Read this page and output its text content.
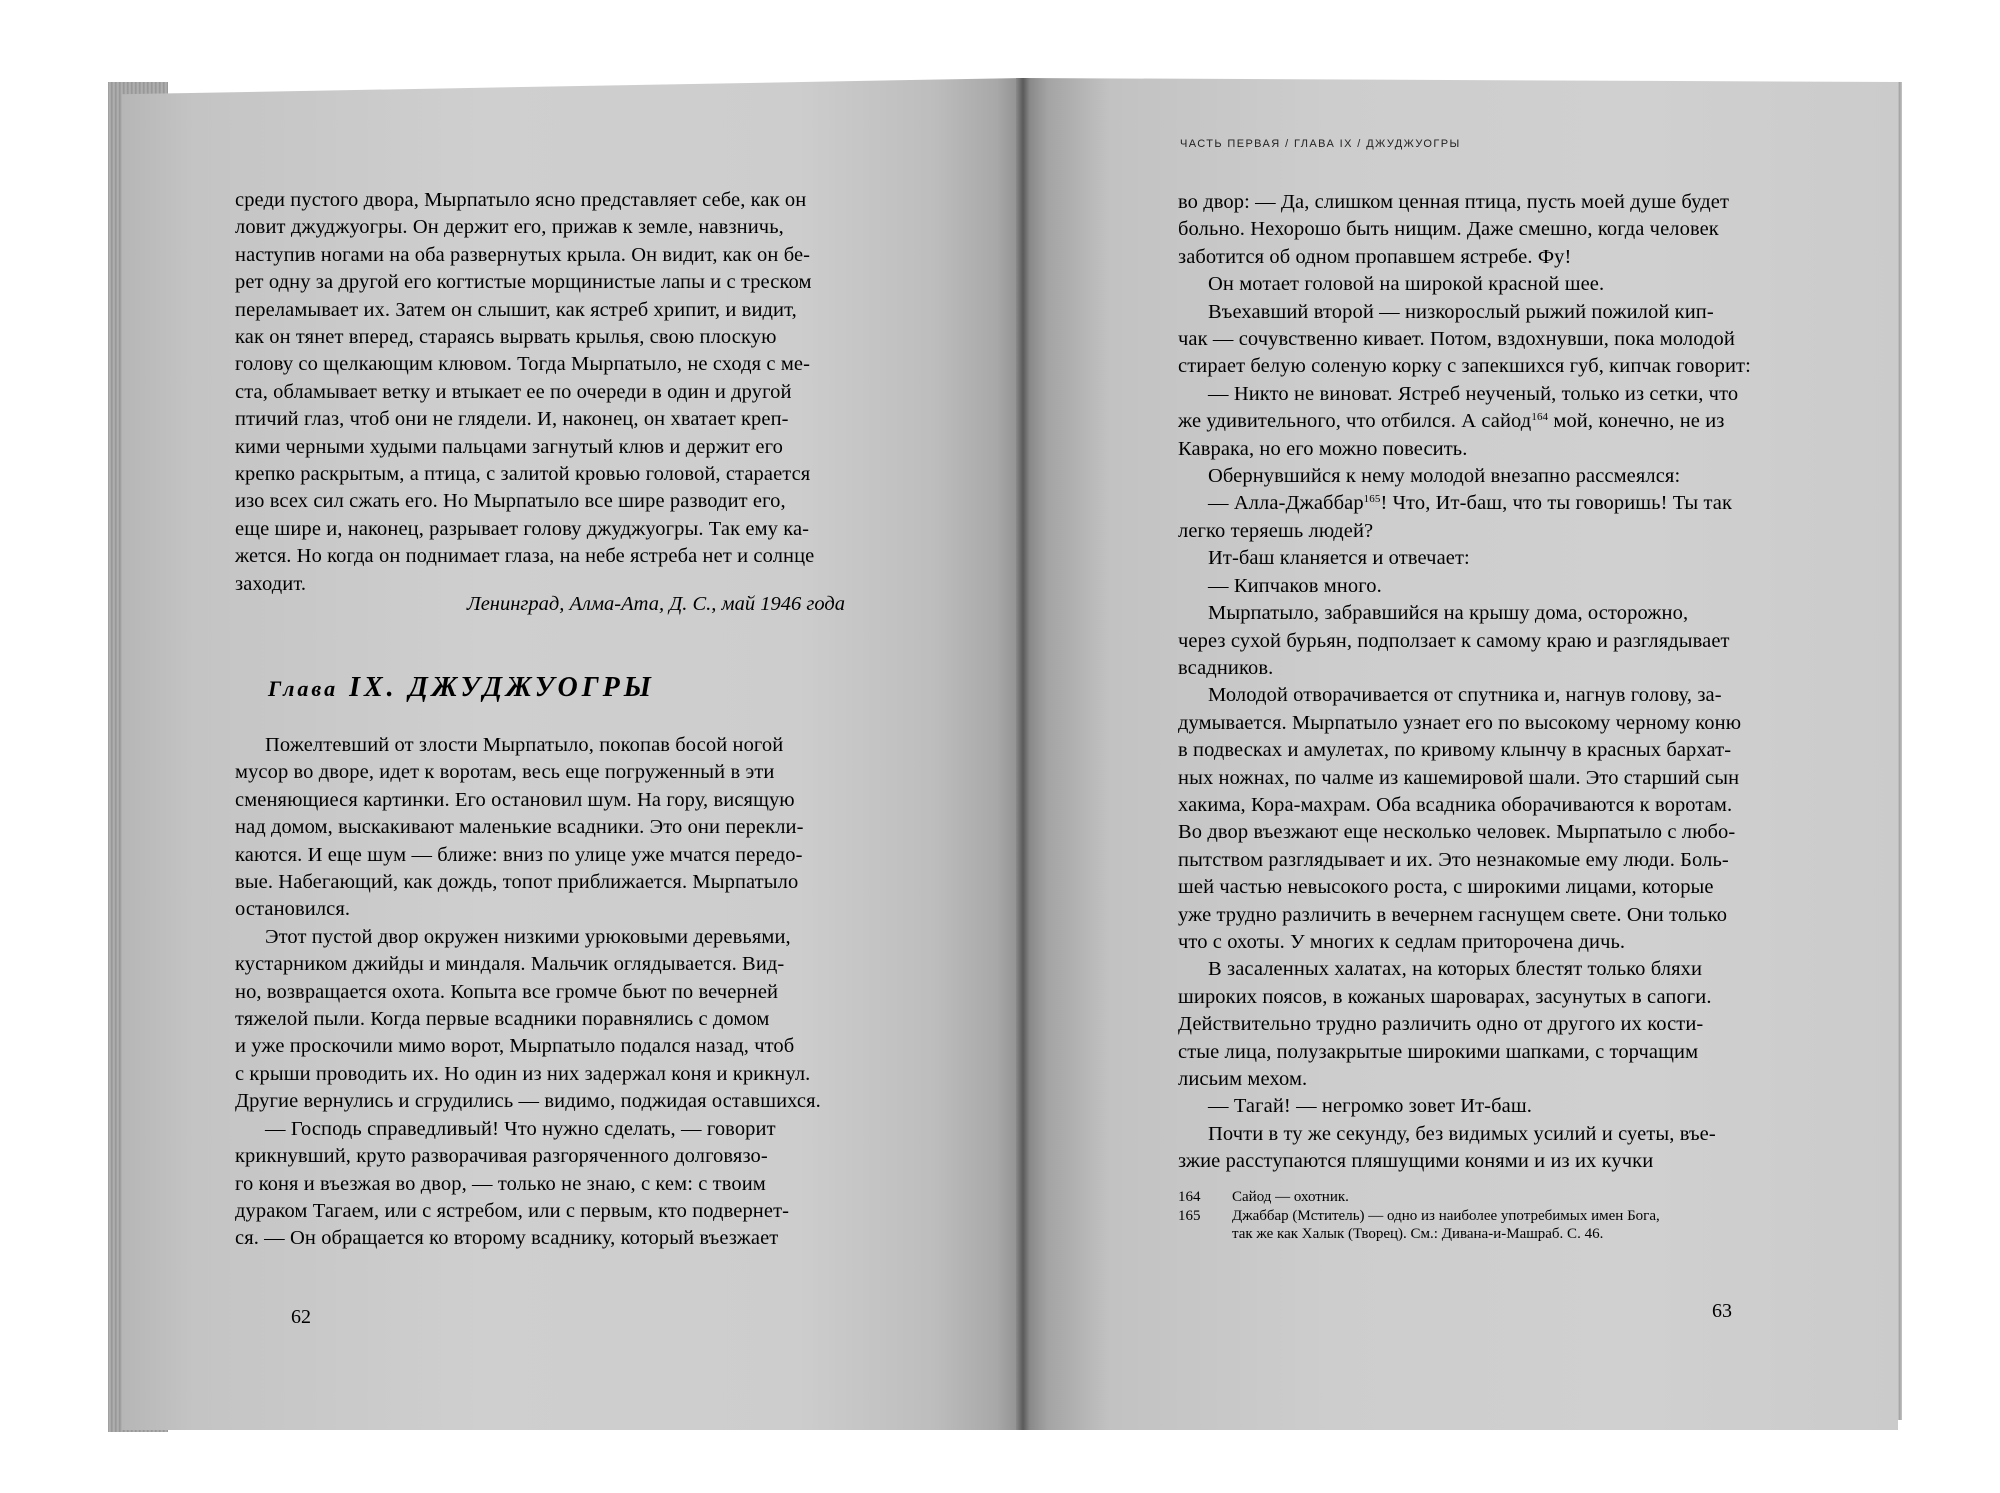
среди пустого двора, Мырпатыло ясно представляет себе, как он
ловит джуджуогры. Он держит его, прижав к земле, навзничь,
наступив ногами на оба развернутых крыла. Он видит, как он бе-
рет одну за другой его когтистые морщинистые лапы и с треском
переламывает их. Затем он слышит, как ястреб хрипит, и видит,
как он тянет вперед, стараясь вырвать крылья, свою плоскую
голову со щелкающим клювом. Тогда Мырпатыло, не сходя с ме-
ста, обламывает ветку и втыкает ее по очереди в один и другой
птичий глаз, чтоб они не глядели. И, наконец, он хватает креп-
кими черными худыми пальцами загнутый клюв и держит его
крепко раскрытым, а птица, с залитой кровью головой, старается
изо всех сил сжать его. Но Мырпатыло все шире разводит его,
еще шире и, наконец, разрывает голову джуджуогры. Так ему ка-
жется. Но когда он поднимает глаза, на небе ястреба нет и солнце
заходит.
Ленинград, Алма-Ата, Д. С., май 1946 года
Глава IX. ДЖУДЖУОГРЫ
Пожелтевший от злости Мырпатыло, покопав босой ногой
мусор во дворе, идет к воротам, весь еще погруженный в эти
сменяющиеся картинки. Его остановил шум. На гору, висящую
над домом, выскакивают маленькие всадники. Это они перекли-
каются. И еще шум — ближе: вниз по улице уже мчатся передо-
вые. Набегающий, как дождь, топот приближается. Мырпатыло
остановился.
Этот пустой двор окружен низкими урюковыми деревьями,
кустарником джийды и миндаля. Мальчик оглядывается. Вид-
но, возвращается охота. Копыта все громче бьют по вечерней
тяжелой пыли. Когда первые всадники поравнялись с домом
и уже проскочили мимо ворот, Мырпатыло подался назад, чтоб
с крыши проводить их. Но один из них задержал коня и крикнул.
Другие вернулись и сгрудились — видимо, поджидая оставшихся.
— Господь справедливый! Что нужно сделать, — говорит
крикнувший, круто разворачивая разгоряченного долговязо-
го коня и въезжая во двор, — только не знаю, с кем: с твоим
дураком Тагаем, или с ястребом, или с первым, кто подвернет-
ся. — Он обращается ко второму всаднику, который въезжает
62
ЧАСТЬ ПЕРВАЯ / ГЛАВА IX / ДЖУДЖУОГРЫ
во двор: — Да, слишком ценная птица, пусть моей душе будет
больно. Нехорошо быть нищим. Даже смешно, когда человек
заботится об одном пропавшем ястребе. Фу!
Он мотает головой на широкой красной шее.
Въехавший второй — низкорослый рыжий пожилой кип-
чак — сочувственно кивает. Потом, вздохнувши, пока молодой
стирает белую соленую корку с запекшихся губ, кипчак говорит:
— Никто не виноват. Ястреб неученый, только из сетки, что
же удивительного, что отбился. А сайод$^{164}$ мой, конечно, не из
Каврака, но его можно повесить.
Обернувшийся к нему молодой внезапно рассмеялся:
— Алла-Джаббар$^{165}$! Что, Ит-баш, что ты говоришь! Ты так
легко теряешь людей?
Ит-баш кланяется и отвечает:
— Кипчаков много.
Мырпатыло, забравшийся на крышу дома, осторожно,
через сухой бурьян, подползает к самому краю и разглядывает
всадников.
Молодой отворачивается от спутника и, нагнув голову, за-
думывается. Мырпатыло узнает его по высокому черному коню
в подвесках и амулетах, по кривому клынчу в красных бархат-
ных ножнах, по чалме из кашемировой шали. Это старший сын
хакима, Кора-махрам. Оба всадника оборачиваются к воротам.
Во двор въезжают еще несколько человек. Мырпатыло с любо-
пытством разглядывает и их. Это незнакомые ему люди. Боль-
шей частью невысокого роста, с широкими лицами, которые
уже трудно различить в вечернем гаснущем свете. Они только
что с охоты. У многих к седлам приторочена дичь.
В засаленных халатах, на которых блестят только бляхи
широких поясов, в кожаных шароварах, засунутых в сапоги.
Действительно трудно различить одно от другого их кости-
стые лица, полузакрытые широкими шапками, с торчащим
лисьим мехом.
— Тагай! — негромко зовет Ит-баш.
Почти в ту же секунду, без видимых усилий и суеты, въе-
зжие расступаются пляшущими конями и из их кучки
164	Сайод — охотник.
165	Джаббар (Мститель) — одно из наиболее употребимых имен Бога,
так же как Халык (Творец). См.: Дивана-и-Машраб. С. 46.
63
